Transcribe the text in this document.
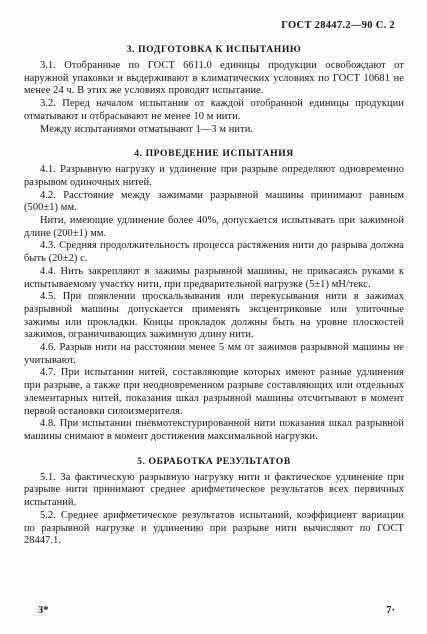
ГОСТ 28447.2—90 С. 2

3. ПОДГОТОВКА К ИСПЫТАНИЮ

3.1. Отобранные по ГОСТ 6611.0 единицы продукции освобождают от наружной упаковки и выдерживают в климатических условиях по ГОСТ 10681 не менее 24 ч. В этих же условиях проводят испытание.

3.2. Перед началом испытания от каждой отобранной единицы продукции отматывают и отбрасывают не менее 10 м нити.

Между испытаниями отматывают 1—3 м нити.

4. ПРОВЕДЕНИЕ ИСПЫТАНИЯ

4.1. Разрывную нагрузку и удлинение при разрыве определяют одновременно разрывом одиночных нитей.

4.2. Расстояние между зажимами разрывной машины принимают равным (500±1) мм.

Нити, имеющие удлинение более 40%, допускается испытывать при зажимной длине (200±1) мм.

4.3. Средняя продолжительность процесса растяжения нити до разрыва должна быть (20±2) с.

4.4. Нить закрепляют в зажимы разрывной машины, не прикасаясь руками к испытываемому участку нити, при предварительной нагрузке (5±1) мН/текс.

4.5. При появлении проскальзывания или перекусывания нити в зажимах разрывной машины допускается применять эксцентриковые или улиточные зажимы или прокладки. Концы прокладок должны быть на уровне плоскостей зажимов, ограничивающих зажимную длину нити.

4.6. Разрыв нити на расстоянии менее 5 мм от зажимов разрывной машины не учитывают.

4.7. При испытании нитей, составляющие которых имеют разные удлинения при разрыве, а также при неодновременном разрыве составляющих или отдельных элементарных нитей, показания шкал разрывной машины отсчитывают в момент первой остановки силоизмерителя.

4.8. При испытании пневмотекстурированной нити показания шкал разрывной машины снимают в момент достижения максимальной нагрузки.

5. ОБРАБОТКА РЕЗУЛЬТАТОВ

5.1. За фактическую разрывную нагрузку нити и фактическое удлинение при разрыве нити принимают среднее арифметическое результатов всех первичных испытаний.

5.2. Среднее арифметическое результатов испытаний, коэффициент вариации по разрывной нагрузке и удлинению при разрыве нити вычисляют по ГОСТ 28447.1.

3*	7·
